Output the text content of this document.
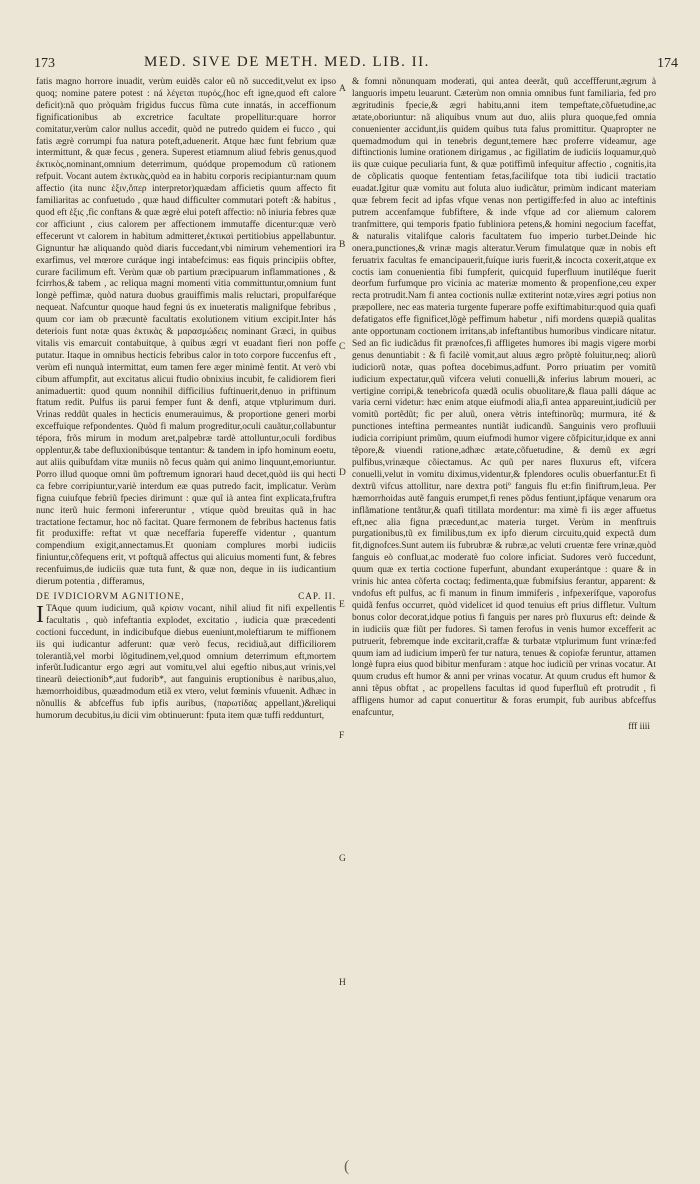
173	MED. SIVE DE METH. MED. LIB. II.	174

fatis magno horrore inuadit, verùm euidẽs calor eũ nõ succedit,velut ex ipso quoq; nomine patere potest : ná λέγεται πυρός,(hoc eft igne,quod eft calore deficit):nã quo pròquàm frigidus fuccus fũma cute innatás, in acceffionum fignificationibus ab excretrice facultate propellitur:quare horror comitatur,verùm calor nullus accedit, quòd ne putredo quidem ei fucco , qui fatis ægrè corrumpi fua natura poteft,aduenerit. Atque hæc funt febrium quæ intermittunt, & quæ fecus , genera. Superest etiamnum aliud febris genus,quod ἑκτικὸς,nominant,omnium deterrimum, quódque propemodum cũ rationem refpuit. Vocant autem ἑκτικὰς,quòd ea in habitu corporis recipiantur:nam quum affectio (ita nunc ἑξιν,ὅπερ interpretor)quædam afficietis quum affecto fit familiaritas ac confuetudo , quæ haud difficulter commutari poteft :& habitus , quod eft ἑξις ,fic conftans & quæ ægrè elui poteft affectio: nõ iniuria febres quæ cor afficiunt , cius calorem per affectionem immutaffe dicentur:quæ verò effecerunt vt calorem in habitum admitteret,ἑκτικαὶ pertitiobius appellabuntur. Gignuntur hæ aliquando quòd diaris fuccedant,vbi nimirum vehementiori ira exarfimus, vel mœrore curáque ingi intabefcimus: eas fiquis principiis obfter, curare facilimum eft. Verùm quæ ob partium præcipuarum inflammationes , & fcirrhos,& tabem , ac reliqua magni momenti vitia committuntur,omnium funt longè peffimæ, quòd natura duobus grauiffimis malis reluctari, propulfaréque nequeat. Nafcuntur quoque haud fegni ús ex inueteratis malignifque febribus , quum cor iam ob præcuntè facultatis exolutionem vitium excipit.Inter hás deteriois funt notæ quas ἑκτικὰς & μαρασμώδεις nominant Græci, in quibus vitalis vis emarcuit contabuitque, à quibus ægri vt euadant fieri non poffe putatur. Itaque in omnibus hecticis febribus calor in toto corpore fuccenfus eft , verùm efi nunquà intermittat, eum tamen fere æger minimè fentit. At verò vbi cibum affumpfit, aut excitatus alicui ftudio obnixius incubit, fe calidiorem fieri animaduertit: quod quum nonnihil difficilius fuftinuerit,denuo in priftinum ftatum redit. Pulfus iis parui femper funt & denfi, atque vtplurimum duri. Vrinas reddũt quales in hecticis enumerauimus, & proportione generi morbi exceffuique refpondentes. Quòd fi malum progreditur,oculi cauãtur,collabuntur tépora, frõs mirum in modum aret,palpebræ tardè attolluntur,oculi fordibus opplentur,& tabe defluxionibúsque tentantur: & tandem in ipfo hominum eoetu, aut aliis quibufdam vitæ muniis nõ fecus quàm qui animo linquunt,emoriuntur. Porro illud quoque omni ũm poftremum ignorari haud decet,quòd iis qui hecti ca febre corripiuntur,variè interdum eæ quas putredo facit, implicatur. Verùm figna cuiufque febriũ fpecies dirimunt : quæ quĩ ià antea fint explicata,fruftra nunc iterũ huic fermoni infereruntur , vtique quòd breuitas quã in hac tractatione fectamur, hoc nõ facitat. Quare fermonem de febribus hactenus fatis fit produxiffe: reftat vt quæ neceffaria fupereffe videntur , quantum compendium exigit,annectamus.Et quoniam complures morbi iudiciis finiuntur,cõfequens erit, vt poftquã affectus qui alicuius momenti funt, & febres recenfuimus,de iudiciis quæ tuta funt, & quæ non, deque in iis iudicantium dierum potentia , differamus,

DE IVDICIORVM AGNITIONE,	CAP. II.

I TAque quum iudicium, quã κρίσιν vocant, nihil aliud fit nifi expellentis facultatis , quò infeftantia explodet, excitatio , iudicia quæ præcedenti coctioni fuccedunt, in indicibufque diebus eueniunt,moleftiarum te miffionem iis qui iudicantur adferunt: quæ verò fecus, recidiuã,aut difficiliorem tolerantiã,vel morbi lõgitudinem,vel,quod omnium deterrimum eft,mortem inferũt.Iudicantur ergo ægri aut vomitu,vel alui egeftio nibus,aut vrinis,vel tinearũ deiectionib*,aut fudorib*, aut fanguinis eruptionibus è naribus,aluo, hæmorrhoidibus, quæadmodum etiã ex vtero, velut fœminis vfuuenit. Adhæc in nõnullis & abfceffus fub ipfis auribus, (παρωτίδας appellant,)&reliqui humorum decubitus,iu dicii vim obtinuerunt: fputa item quæ tuffi reddunturt,

A
B
C
D
E
F
G
H

& fomni nõnunquam moderati, qui antea deerãt, quũ acceffferunt,ægrum à languoris impetu leuarunt. Cæterùm non omnia omnibus funt familiaria, fed pro ægritudinis fpecie,& ægri habitu,anni item tempeftate,cõfuetudine,ac ætate,oboriuntur: nã aliquibus vnum aut duo, aliis plura quoque,fed omnia conuenienter accidunt,iis quidem quibus tuta falus promittitur. Quapropter ne quemadmodum qui in tenebris degunt,temere hæc proferre videamur, age diftinctionis lumine orationem dirigamus , ac figillatim de iudiciis loquamur,quò iis quæ cuique peculiaria funt, & quæ potiffimũ infequitur affectio , cognitis,ita de cõplicatis quoque fententiam fetas,facilifque tota tibi iudicii tractatio euadat.Igitur quæ vomitu aut foluta aluo iudicãtur, primùm indicant materiam quæ febrem fecit ad ipfas vfque venas non pertigiffe:fed in aluo ac inteftinis putrem accenfamque fubfiftere, & inde vfque ad cor aliemum calorem tranfmittere, qui temporis fpatio fubliniora petens,& homini negocium faceffat, & naturalis vitalifque caloris facultatem fuo imperio turbet.Deinde hic onera,punctiones,& vrinæ magis alteratur.Verum fimulatque quæ in nobis eft feruatrix facultas fe emancipauerit,fuíque iuris fuerit,& incocta coxerit,atque ex coctis iam conuenientia fibi fumpferit, quicquid fuperfluum inutiléque fuerit deorfum furfumque pro vicinia ac materiæ momento & propenfione,ceu exper recta protrudit.Nam fi antea coctionis nullæ extiterint notæ,vires ægri potius non præpollere, nec eas materia turgente fuperare poffe exiftimabitur:quod quia quafi defatigatos effe fignificet,lõgè peffimum habetur , nifi mordens quæpiã qualitas ante opportunam coctionem irritans,ab infeftantibus humoribus vindicare nitatur. Sed an fic iudicãdus fit prænofces,fi affligetes humores ibi magis vigere morbi genus denuntiabit : & fi facilè vomit,aut aluus ægro prõptè foluitur,neq; aliorũ iudiciorũ notæ, quas poftea docebimus,adfunt. Porro priuatim per vomitũ iudicium expectatur,quũ vifcera veluti conuelli,& inferius labrum moueri, ac vertigine corripi,& tenebricofa quædã oculis obuolitare,& flaua palli dáque ac varia cerni videtur: hæc enim atque eiufmodi alia,fi antea appareuint,iudiciũ per vomitũ portẽdũt; fic per aluũ, onera vètris inteftinorũq; murmura, ité & punctiones inteftina permeantes nuntiãt iudicandũ. Sanguinis vero profluuii iudicia corripiunt primũm, quum eiufmodi humor vigere cõfpicitur,idque ex anni tẽpore,& viuendi ratione,adhæc ætate,cõfuetudine, & demũ ex ægri pulfibus,vrinæque cõiectamus. Ac quũ per nares fluxurus eft, vifcera conuelli,velut in vomitu diximus,videntur,& fplendores oculis obuerfantur.Et fi dextrũ vifcus attollitur, nare dextra potiº fanguis flu et:fin finiftrum,leua. Per hæmorrhoidas autẽ fanguis erumpet,fi renes põdus fentiunt,ipfáque venarum ora inflãmatione tentãtur,& quafi titillata mordentur: ma ximè fi iis æger affuetus eft,nec alia figna præcedunt,ac materia turget. Verùm in menftruis purgationibus,tũ ex fimilibus,tum ex ipfo dierum circuitu,quid expectã dum fit,dignofces.Sunt autem iis fubrubræ & rubræ,ac veluti cruentæ fere vrinæ,quòd fanguis eò confluat,ac moderatè fuo colore inficiat. Sudores verò fuccedunt, quum quæ ex tertia coctione fuperfunt, abundant exuperántque : quare & in vrinis hic antea cõferta coctaq; fedimenta,quæ fubmifsius ferantur, apparent: & vndofus eft pulfus, ac fi manum in finum immiferis , infpexerífque, vaporofus quidã fenfus occurret, quòd videlicet id quod tenuius eft prius diffletur. Vultum bonus color decorat,idque potius fi fanguis per nares prò fluxurus eft: deinde & in iudiciis quæ fiũt per fudores. Si tamen ferofus in venis humor excefferit ac putruerit, febremque inde excitarit,craffæ & turbatæ vtplurimum funt vrinæ:fed quum iam ad iudicium imperũ fer tur natura, tenues & copiofæ feruntur, attamen longè fupra eius quod bibitur menfuram : atque hoc iudiciũ per vrinas vocatur. At quum crudus eft humor & anni per vrinas vocatur. At quum crudus eft humor & anni tẽpus obftat , ac propellens facultas id quod fuperfluũ eft protrudit , fi affligens humor ad caput conuertitur & foras erumpit, fub auribus abfceffus enafcuntur,

fff iiii
(
